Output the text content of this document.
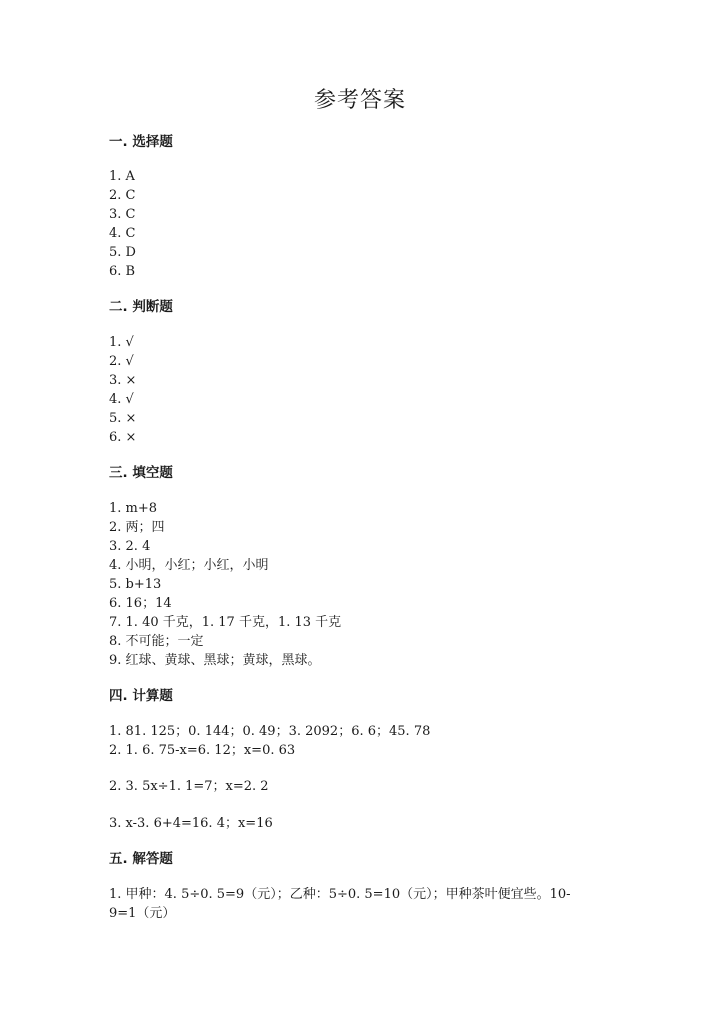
参考答案
一. 选择题
1. A
2. C
3. C
4. C
5. D
6. B
二. 判断题
1. √
2. √
3. ×
4. √
5. ×
6. ×
三. 填空题
1. m+8
2. 两；四
3. 2. 4
4. 小明，小红；小红，小明
5. b+13
6. 16；14
7. 1. 40 千克，1. 17 千克，1. 13 千克
8. 不可能；一定
9. 红球、黄球、黑球；黄球，黑球。
四. 计算题
1. 81. 125；0. 144；0. 49；3. 2092；6. 6；45. 78
2. 1. 6. 75-x=6. 12；x=0. 63
2. 3. 5x÷1. 1=7；x=2. 2
3. x-3. 6+4=16. 4；x=16
五. 解答题
1. 甲种：4. 5÷0. 5=9（元）；乙种：5÷0. 5=10（元）；甲种茶叶便宜些。10-
9=1（元）
